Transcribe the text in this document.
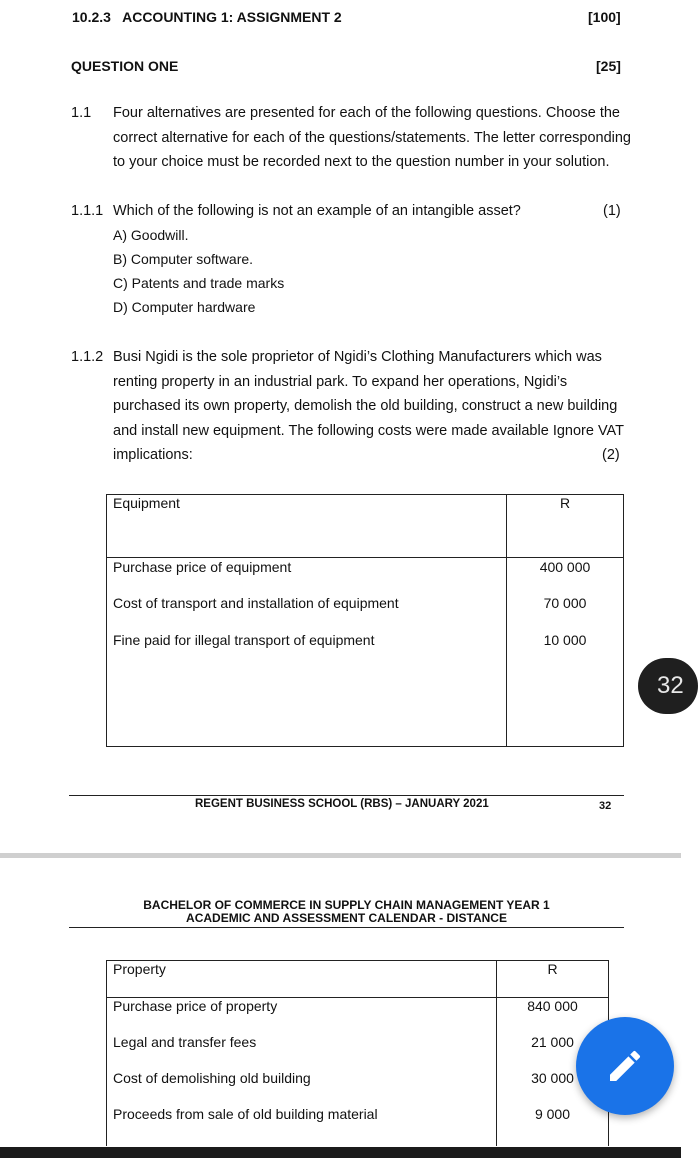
10.2.3 ACCOUNTING 1: ASSIGNMENT 2	[100]
QUESTION ONE	[25]
1.1 Four alternatives are presented for each of the following questions. Choose the
correct alternative for each of the questions/statements. The letter corresponding
to your choice must be recorded next to the question number in your solution.
1.1.1 Which of the following is not an example of an intangible asset?	(1)
A) Goodwill.
B) Computer software.
C) Patents and trade marks
D) Computer hardware
1.1.2 Busi Ngidi is the sole proprietor of Ngidi’s Clothing Manufacturers which was
renting property in an industrial park. To expand her operations, Ngidi’s
purchased its own property, demolish the old building, construct a new building
and install new equipment. The following costs were made available Ignore VAT
implications:	(2)
Equipment	R
Purchase price of equipment	400 000
Cost of transport and installation of equipment	70 000
Fine paid for illegal transport of equipment	10 000
REGENT BUSINESS SCHOOL (RBS) – JANUARY 2021	32
BACHELOR OF COMMERCE IN SUPPLY CHAIN MANAGEMENT YEAR 1
ACADEMIC AND ASSESSMENT CALENDAR - DISTANCE
Property	R
Purchase price of property	840 000
Legal and transfer fees	21 000
Cost of demolishing old building	30 000
Proceeds from sale of old building material	9 000
32
